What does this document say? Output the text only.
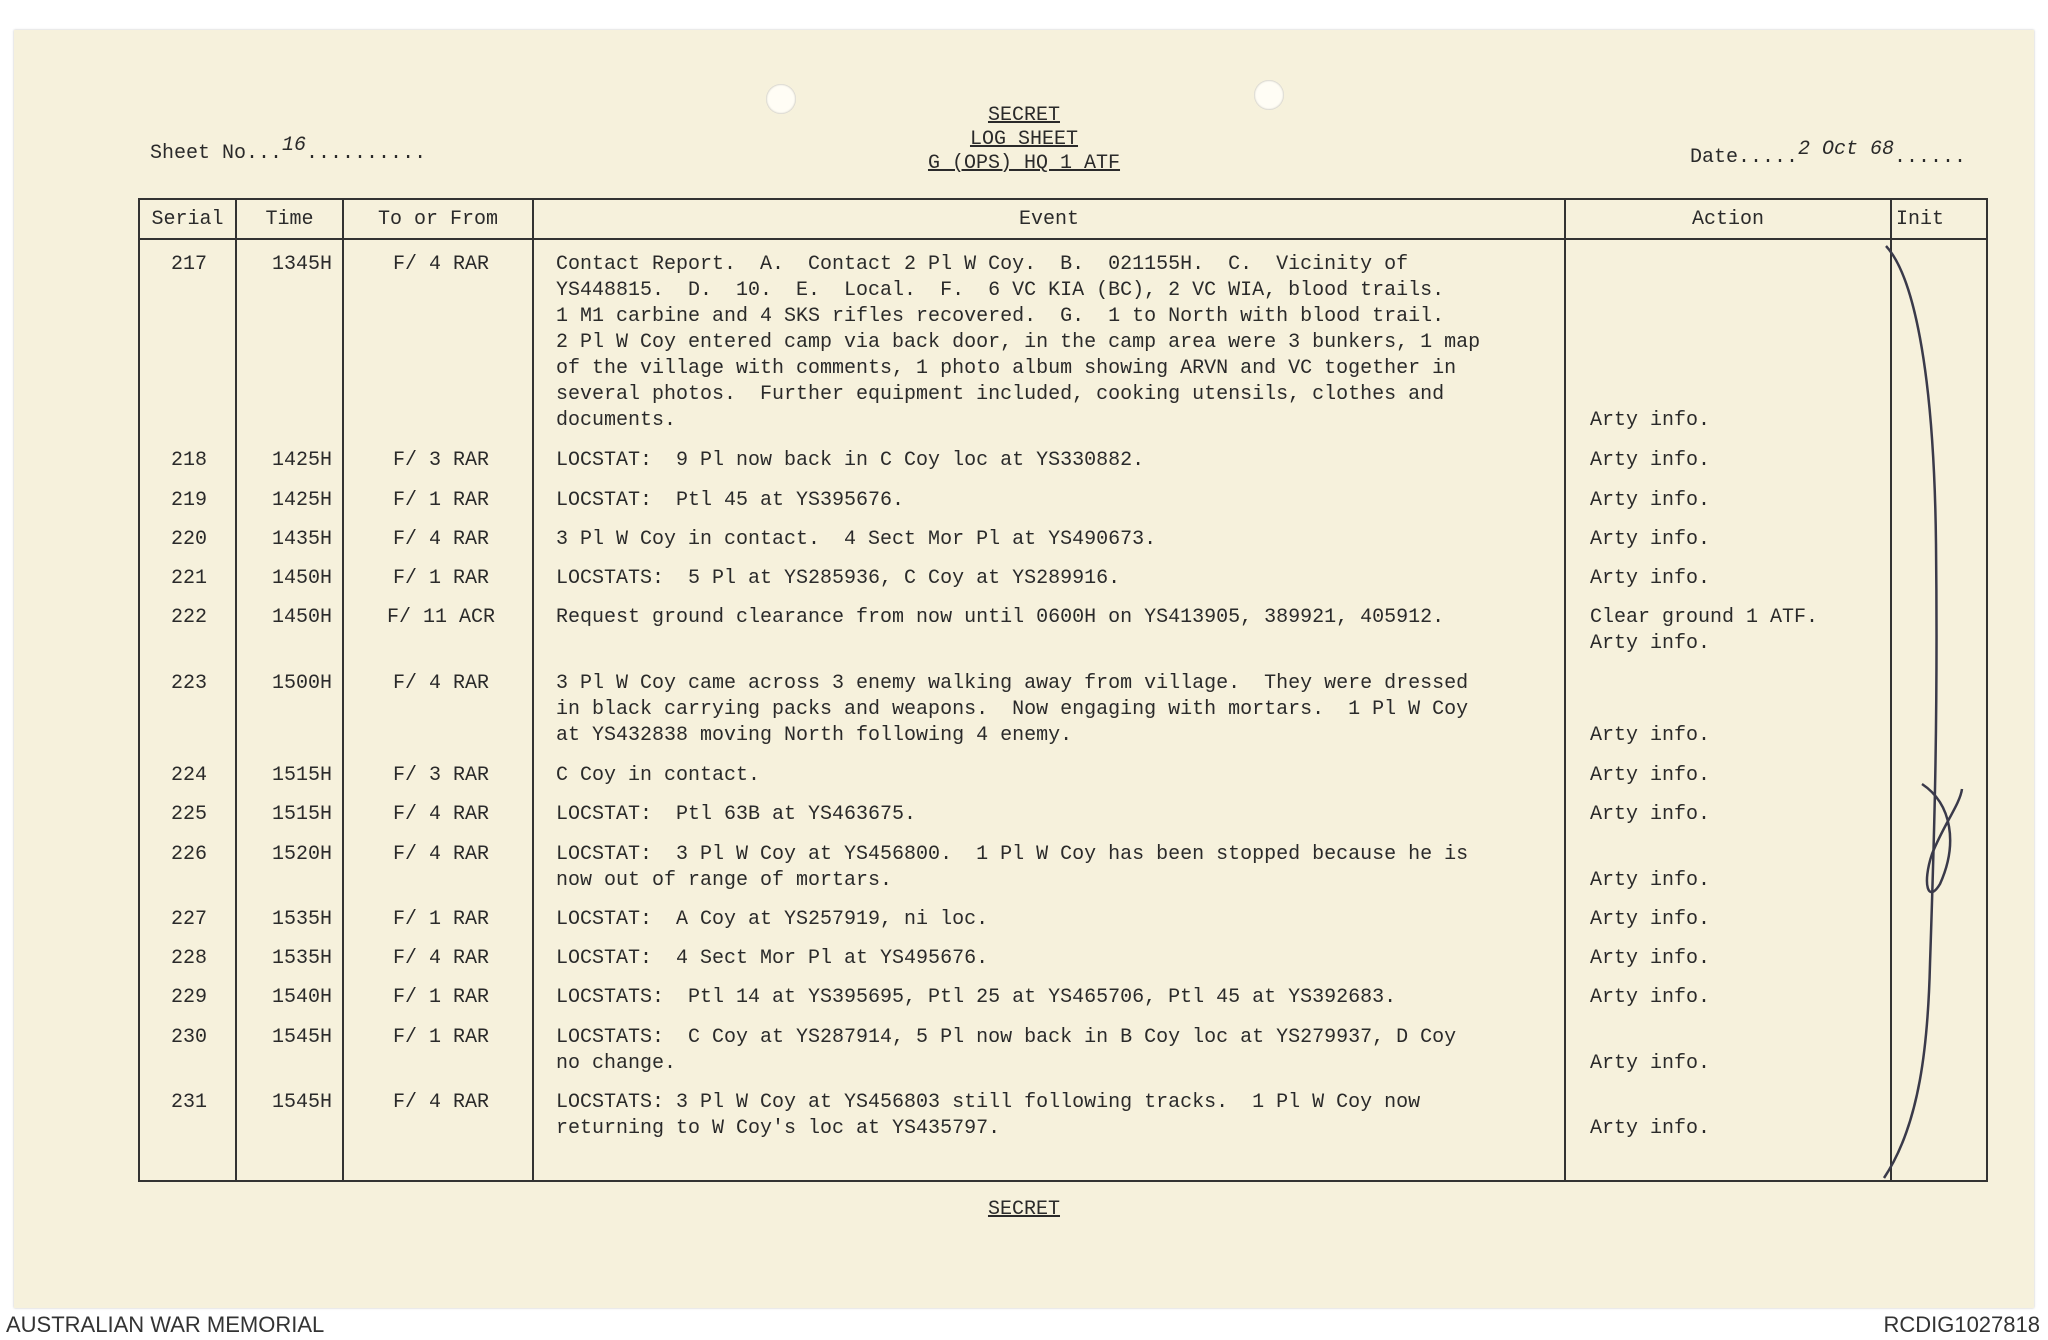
SECRET
LOG SHEET
G (OPS) HQ 1 ATF
Sheet No...16..........	Date.....2 Oct 68......
Serial	Time	To or From	Event	Action	Init
217	1345H	F/ 4 RAR	Contact Report.  A.  Contact 2 Pl W Coy.  B.  021155H.  C.  Vicinity of
YS448815.  D.  10.  E.  Local.  F.  6 VC KIA (BC), 2 VC WIA, blood trails.
1 M1 carbine and 4 SKS rifles recovered.  G.  1 to North with blood trail.
2 Pl W Coy entered camp via back door, in the camp area were 3 bunkers, 1 map
of the village with comments, 1 photo album showing ARVN and VC together in
several photos.  Further equipment included, cooking utensils, clothes and
documents.	Arty info.
218	1425H	F/ 3 RAR	LOCSTAT:  9 Pl now back in C Coy loc at YS330882.	Arty info.
219	1425H	F/ 1 RAR	LOCSTAT:  Ptl 45 at YS395676.	Arty info.
220	1435H	F/ 4 RAR	3 Pl W Coy in contact.  4 Sect Mor Pl at YS490673.	Arty info.
221	1450H	F/ 1 RAR	LOCSTATS:  5 Pl at YS285936, C Coy at YS289916.	Arty info.
222	1450H	F/ 11 ACR	Request ground clearance from now until 0600H on YS413905, 389921, 405912.	Clear ground 1 ATF.
Arty info.
223	1500H	F/ 4 RAR	3 Pl W Coy came across 3 enemy walking away from village.  They were dressed
in black carrying packs and weapons.  Now engaging with mortars.  1 Pl W Coy
at YS432838 moving North following 4 enemy.	Arty info.
224	1515H	F/ 3 RAR	C Coy in contact.	Arty info.
225	1515H	F/ 4 RAR	LOCSTAT:  Ptl 63B at YS463675.	Arty info.
226	1520H	F/ 4 RAR	LOCSTAT:  3 Pl W Coy at YS456800.  1 Pl W Coy has been stopped because he is
now out of range of mortars.	Arty info.
227	1535H	F/ 1 RAR	LOCSTAT:  A Coy at YS257919, ni loc.	Arty info.
228	1535H	F/ 4 RAR	LOCSTAT:  4 Sect Mor Pl at YS495676.	Arty info.
229	1540H	F/ 1 RAR	LOCSTATS:  Ptl 14 at YS395695, Ptl 25 at YS465706, Ptl 45 at YS392683.	Arty info.
230	1545H	F/ 1 RAR	LOCSTATS:  C Coy at YS287914, 5 Pl now back in B Coy loc at YS279937, D Coy
no change.	Arty info.
231	1545H	F/ 4 RAR	LOCSTATS: 3 Pl W Coy at YS456803 still following tracks.  1 Pl W Coy now
returning to W Coy's loc at YS435797.	Arty info.
SECRET
AUSTRALIAN WAR MEMORIAL	RCDIG1027818
